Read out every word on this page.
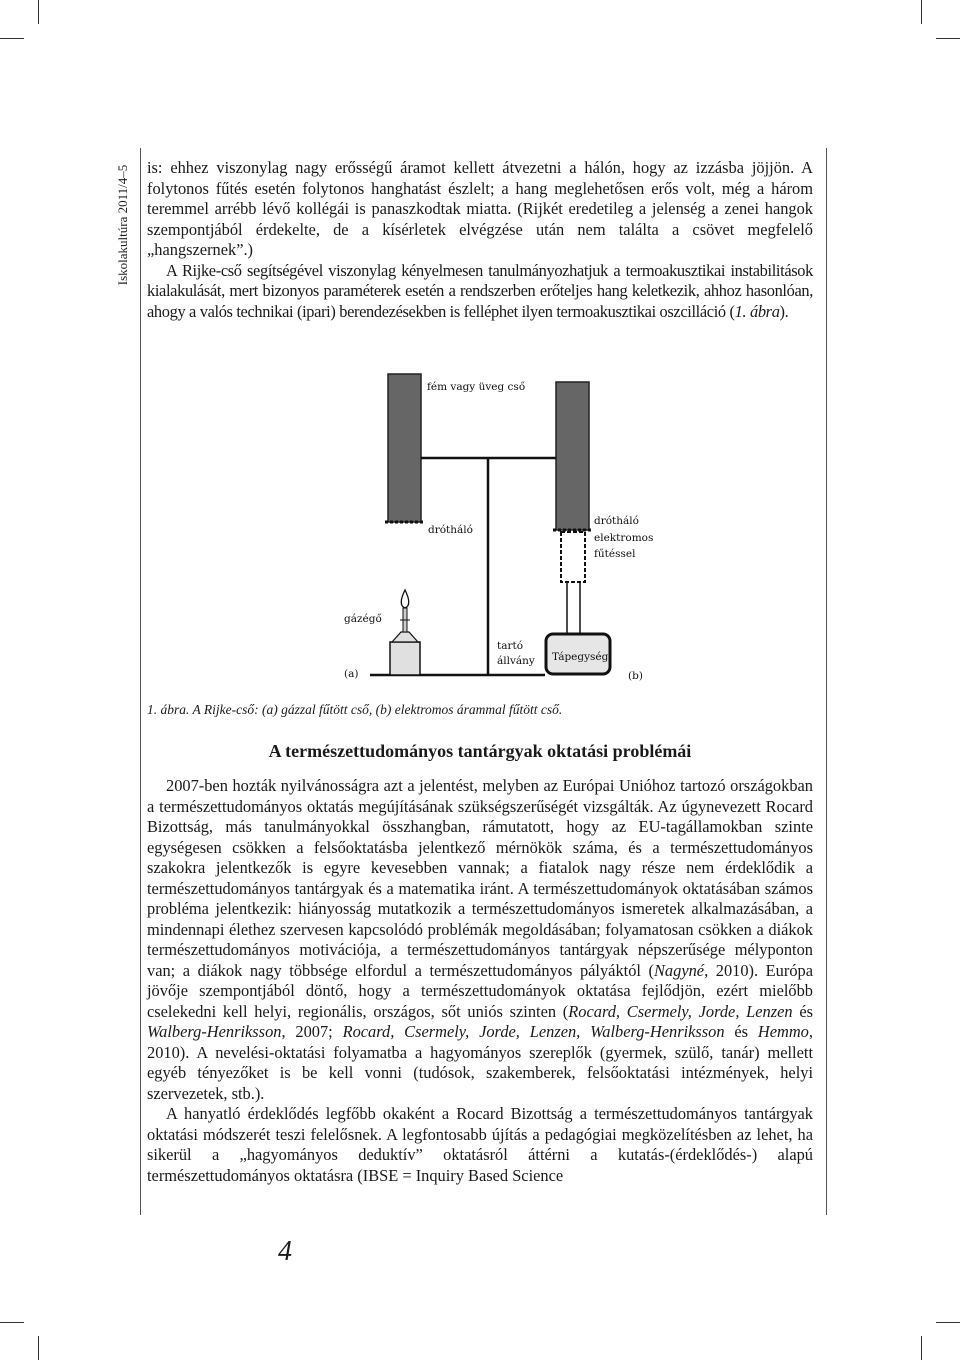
Iskolakultúra 2011/4–5 is: ehhez viszonylag nagy erősségű áramot kellett átvezetni a hálón, hogy az izzásba jöjjön. A folytonos fűtés esetén folytonos hanghatást észlelt; a hang meglehetősen erős volt, még a három teremmel arrébb lévő kollégái is panaszkodtak miatta. (Rijkét eredetileg a jelenség a zenei hangok szempontjából érdekelte, de a kísérletek elvégzése után nem találta a csövet megfelelő „hangszernek”.)

A Rijke-cső segítségével viszonylag kényelmesen tanulmányozhatjuk a termoakusztikai instabilitások kialakulását, mert bizonyos paraméterek esetén a rendszerben erőteljes hang keletkezik, ahhoz hasonlóan, ahogy a valós technikai (ipari) berendezésekben is felléphet ilyen termoakusztikai oszcilláció (1. ábra).

fém vagy üveg cső
drótháló
drótháló
elektromos
fűtéssel
gázégő
tartó
állvány Tápegység
(a)	(b)
1. ábra. A Rijke-cső: (a) gázzal fűtött cső, (b) elektromos árammal fűtött cső.
A természettudományos tantárgyak oktatási problémái

2007-ben hozták nyilvánosságra azt a jelentést, melyben az Európai Unióhoz tartozó országokban a természettudományos oktatás megújításának szükségszerűségét vizsgálták. Az úgynevezett Rocard Bizottság, más tanulmányokkal összhangban, rámutatott, hogy az EU-tagállamokban szinte egységesen csökken a felsőoktatásba jelentkező mérnökök száma, és a természettudományos szakokra jelentkezők is egyre kevesebben vannak; a fiatalok nagy része nem érdeklődik a természettudományos tantárgyak és a matematika iránt. A természettudományok oktatásában számos probléma jelentkezik: hiányosság mutatkozik a természettudományos ismeretek alkalmazásában, a mindennapi élethez szervesen kapcsolódó problémák megoldásában; folyamatosan csökken a diákok természettudományos motivációja, a természettudományos tantárgyak népszerűsége mélyponton van; a diákok nagy többsége elfordul a természettudományos pályáktól (Nagyné, 2010). Európa jövője szempontjából döntő, hogy a természettudományok oktatása fejlődjön, ezért mielőbb cselekedni kell helyi, regionális, országos, sőt uniós szinten (Rocard, Csermely, Jorde, Lenzen és Walberg-Henriksson, 2007; Rocard, Csermely, Jorde, Lenzen, Walberg-Henriksson és Hemmo, 2010). A nevelési-oktatási folyamatba a hagyományos szereplők (gyermek, szülő, tanár) mellett egyéb tényezőket is be kell vonni (tudósok, szakemberek, felsőoktatási intézmények, helyi szervezetek, stb.).

A hanyatló érdeklődés legfőbb okaként a Rocard Bizottság a természettudományos tantárgyak oktatási módszerét teszi felelősnek. A legfontosabb újítás a pedagógiai megközelítésben az lehet, ha sikerül a „hagyományos deduktív” oktatásról áttérni a kutatás-(érdeklődés-) alapú természettudományos oktatásra (IBSE = Inquiry Based Science

4
